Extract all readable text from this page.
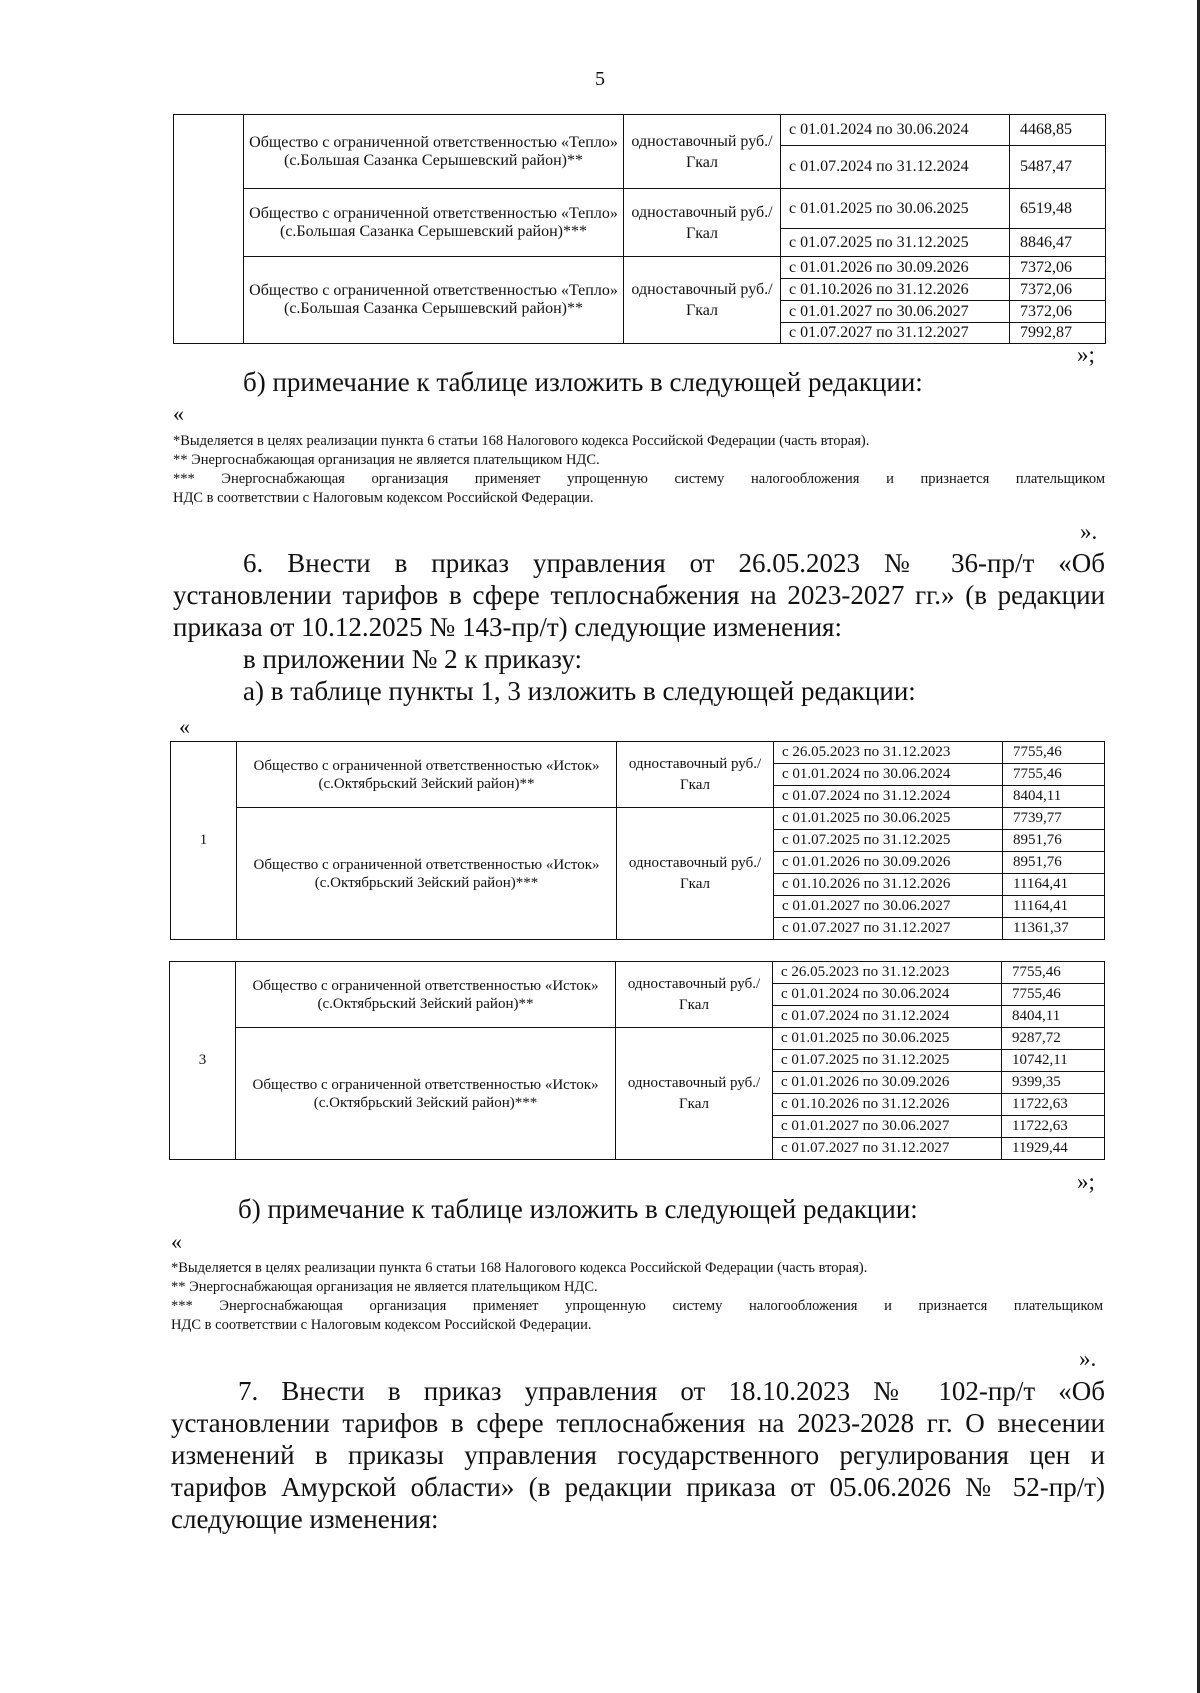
5
	Общество с ограниченной ответственностью «Тепло» (с.Большая Сазанка Серышевский район)**	одноставочный руб./Гкал	с 01.01.2024 по 30.06.2024	4468,85
			с 01.07.2024 по 31.12.2024	5487,47
	Общество с ограниченной ответственностью «Тепло» (с.Большая Сазанка Серышевский район)***	одноставочный руб./Гкал	с 01.01.2025 по 30.06.2025	6519,48
			с 01.07.2025 по 31.12.2025	8846,47
	Общество с ограниченной ответственностью «Тепло» (с.Большая Сазанка Серышевский район)**	одноставочный руб./Гкал	с 01.01.2026 по 30.09.2026	7372,06
			с 01.10.2026 по 31.12.2026	7372,06
			с 01.01.2027 по 30.06.2027	7372,06
			с 01.07.2027 по 31.12.2027	7992,87
»;
б) примечание к таблице изложить в следующей редакции:
«
*Выделяется в целях реализации пункта 6 статьи 168 Налогового кодекса Российской Федерации (часть вторая).
** Энергоснабжающая организация не является плательщиком НДС.
*** Энергоснабжающая организация применяет упрощенную систему налогообложения и признается плательщиком
НДС в соответствии с Налоговым кодексом Российской Федерации.
».
6. Внести в приказ управления от 26.05.2023 № 36-пр/т «Об
установлении тарифов в сфере теплоснабжения на 2023-2027 гг.» (в редакции
приказа от 10.12.2025 № 143-пр/т) следующие изменения:
в приложении № 2 к приказу:
а) в таблице пункты 1, 3 изложить в следующей редакции:
«
1	Общество с ограниченной ответственностью «Исток» (с.Октябрьский Зейский район)**	одноставочный руб./Гкал	с 26.05.2023 по 31.12.2023	7755,46
			с 01.01.2024 по 30.06.2024	7755,46
			с 01.07.2024 по 31.12.2024	8404,11
	Общество с ограниченной ответственностью «Исток» (с.Октябрьский Зейский район)***	одноставочный руб./Гкал	с 01.01.2025 по 30.06.2025	7739,77
			с 01.07.2025 по 31.12.2025	8951,76
			с 01.01.2026 по 30.09.2026	8951,76
			с 01.10.2026 по 31.12.2026	11164,41
			с 01.01.2027 по 30.06.2027	11164,41
			с 01.07.2027 по 31.12.2027	11361,37
3	Общество с ограниченной ответственностью «Исток» (с.Октябрьский Зейский район)**	одноставочный руб./Гкал	с 26.05.2023 по 31.12.2023	7755,46
			с 01.01.2024 по 30.06.2024	7755,46
			с 01.07.2024 по 31.12.2024	8404,11
	Общество с ограниченной ответственностью «Исток» (с.Октябрьский Зейский район)***	одноставочный руб./Гкал	с 01.01.2025 по 30.06.2025	9287,72
			с 01.07.2025 по 31.12.2025	10742,11
			с 01.01.2026 по 30.09.2026	9399,35
			с 01.10.2026 по 31.12.2026	11722,63
			с 01.01.2027 по 30.06.2027	11722,63
			с 01.07.2027 по 31.12.2027	11929,44
»;
б) примечание к таблице изложить в следующей редакции:
«
*Выделяется в целях реализации пункта 6 статьи 168 Налогового кодекса Российской Федерации (часть вторая).
** Энергоснабжающая организация не является плательщиком НДС.
*** Энергоснабжающая организация применяет упрощенную систему налогообложения и признается плательщиком
НДС в соответствии с Налоговым кодексом Российской Федерации.
».
7. Внести в приказ управления от 18.10.2023 № 102-пр/т «Об
установлении тарифов в сфере теплоснабжения на 2023-2028 гг. О внесении
изменений в приказы управления государственного регулирования цен и
тарифов Амурской области» (в редакции приказа от 05.06.2026 № 52-пр/т)
следующие изменения:
